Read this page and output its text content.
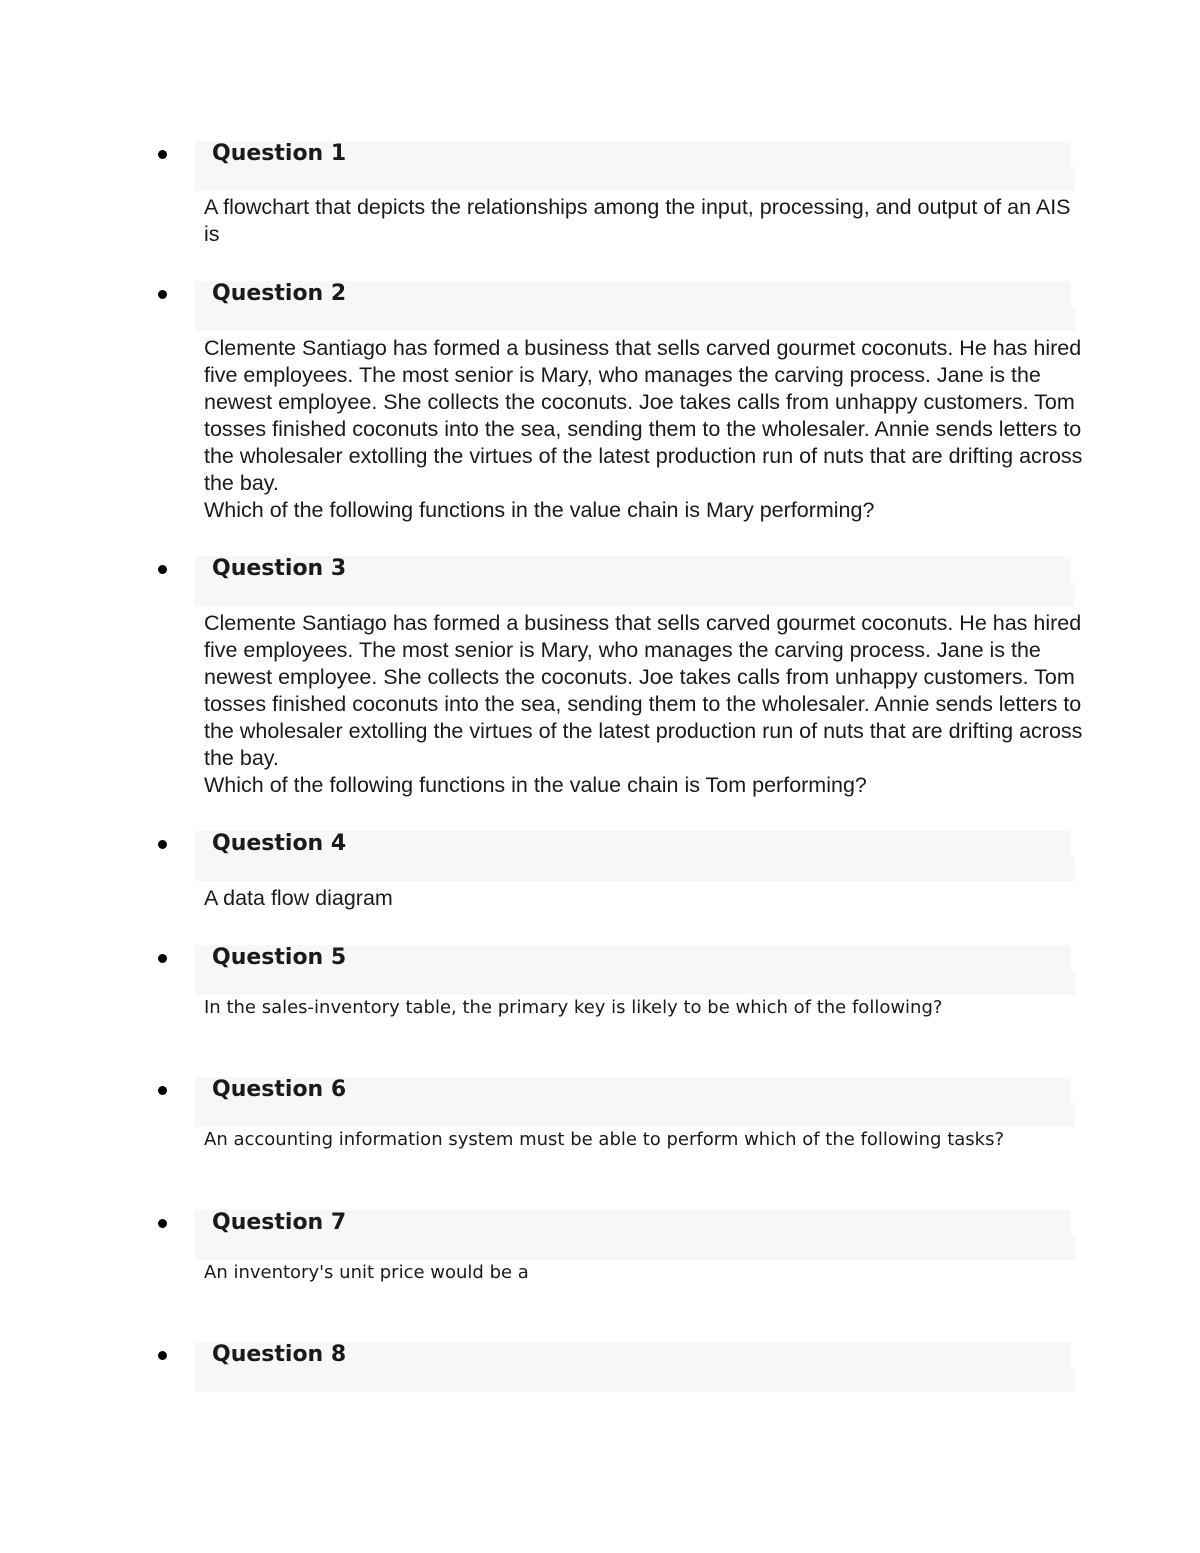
Question 1

A flowchart that depicts the relationships among the input, processing, and output of an AIS is

Question 2

Clemente Santiago has formed a business that sells carved gourmet coconuts. He has hired five employees. The most senior is Mary, who manages the carving process. Jane is the newest employee. She collects the coconuts. Joe takes calls from unhappy customers. Tom tosses finished coconuts into the sea, sending them to the wholesaler. Annie sends letters to the wholesaler extolling the virtues of the latest production run of nuts that are drifting across the bay.

Which of the following functions in the value chain is Mary performing?

Question 3

Clemente Santiago has formed a business that sells carved gourmet coconuts. He has hired five employees. The most senior is Mary, who manages the carving process. Jane is the newest employee. She collects the coconuts. Joe takes calls from unhappy customers. Tom tosses finished coconuts into the sea, sending them to the wholesaler. Annie sends letters to the wholesaler extolling the virtues of the latest production run of nuts that are drifting across the bay.

Which of the following functions in the value chain is Tom performing?

Question 4

A data flow diagram

Question 5

In the sales-inventory table, the primary key is likely to be which of the following?

Question 6

An accounting information system must be able to perform which of the following tasks?

Question 7

An inventory's unit price would be a

Question 8
